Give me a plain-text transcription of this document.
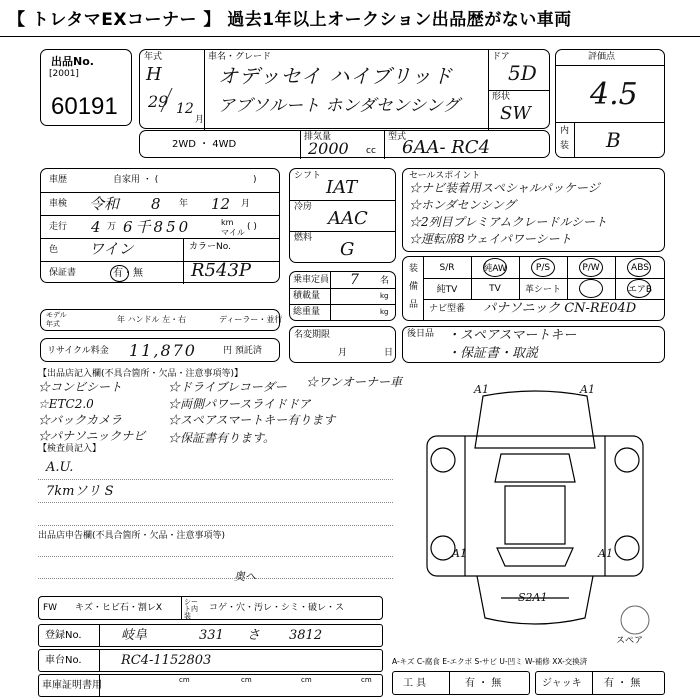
【 トレタマEXコーナー 】 過去1年以上オークション出品歴がない車両
出品No.
[2001]
60191
年式
H
29 12
月
車名・グレード
オデッセイ ハイブリッド
アブソルート ホンダセンシング
ドア
5D
形状
SW
評価点
4.5
内
装 B
2WD ・ 4WD
排気量
2000 cc
型式
6AA- RC4
車歴	自家用 ・ (	)
車検 令和 8 年 12 月
走行 4 万 6千850	km
マイル
( )
色 ワイン	カラーNo.
R543P
保証書	有・無
モデル
年式	年 ハンドル 左・右	ディーラー・並行
リサイクル料金 11,870	円 預託済
シフト
IAT
冷房
AAC
燃料
G
乗車定員 7 名
積載量	kg
総重量	kg
名変期限
月	日
セールスポイント
☆ナビ装着用スペシャルパッケージ
☆ホンダセンシング
☆2列目プレミアムクレードルシート
☆運転席8ウェイパワーシート
装
備
品
S/R	純AW	P/S	P/W	ABS
純TV	TV	革シート	エアB
ナビ型番 パナソニック CN-RE04D
後日品 ・スペアスマートキー
・保証書・取説
【出品店記入欄(不具合箇所・欠品・注意事項等)】
☆コンビシート
☆ETC2.0
☆バックカメラ
☆パナソニックナビ
☆ドライブレコーダー
☆両側パワースライドドア
☆スペアスマートキー有ります
☆保証書有ります。
☆ワンオーナー車
【検査員記入】
A.U.
7kmソリ S
出品店申告欄(不具合箇所・欠品・注意事項等)
FW キズ・ヒビ石・割レX
シート内装
コゲ・穴・汚レ・シミ・破レ・ス
奥へ
登録No.	岐阜	331 さ 3812
車台No.	RC4-1152803
車庫証明書用	cm	cm	cm	cm
A1	A1
A1	A1
S2A1
スペア
A-キズ C-腐食 E-エクボ S-サビ U-凹ミ W-補修 XX-交換済
工 具	有 ・ 無	ジャッキ 有 ・ 無
